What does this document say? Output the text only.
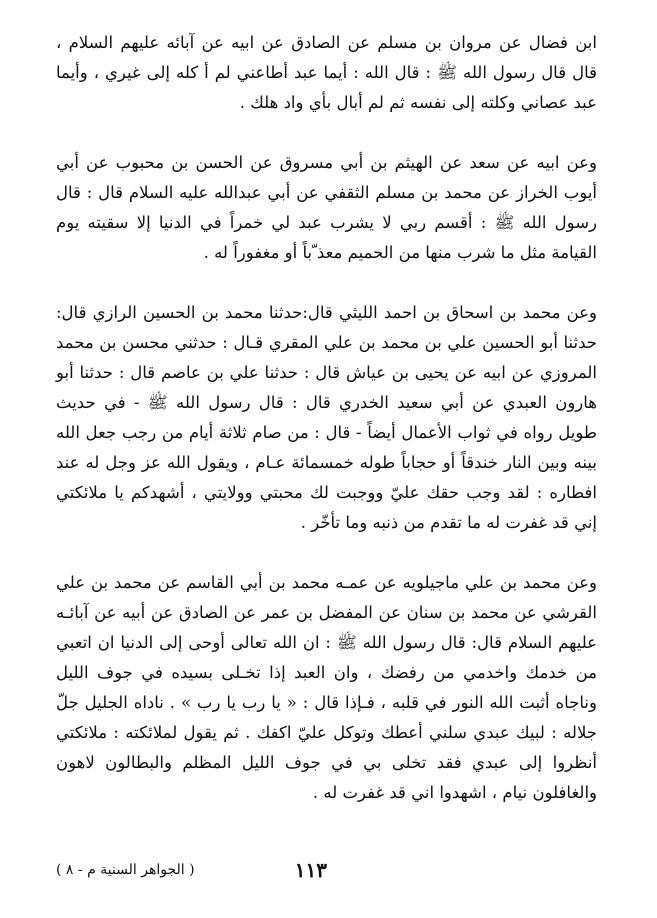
ابن فضال عن مروان بن مسلم عن الصادق عن ابيه عن آبائه عليهم السلام ، قال قال رسول الله ﷺ : قال الله : أيما عبد أطاعني لم أ كله إلى غيري ، وأيما عبد عصاني وكلته إلى نفسه ثم لم أبال بأي واد هلك .

وعن ابيه عن سعد عن الهيثم بن أبي مسروق عن الحسن بن محبوب عن أبي أيوب الخراز عن محمد بن مسلم الثقفي عن أبي عبدالله عليه السلام قال : قال رسول الله ﷺ : أقسم ربي لا يشرب عبد لي خمراً في الدنيا إلا سقيته يوم القيامة مثل ما شرب منها من الحميم معذ ّباً أو مغفوراً له .

وعن محمد بن اسحاق بن احمد الليثي قال:حدثنا محمد بن الحسين الرازي قال: حدثنا أبو الحسين علي بن محمد بن علي المقري قـال : حدثني محسن بن محمد المروزي عن ابيه عن يحيى بن عياش قال : حدثنا علي بن عاصم قال : حدثنا أبو هارون العبدي عن أبي سعيد الخدري قال : قال رسول الله ﷺ - في حديث طويل رواه في ثواب الأعمال أيضاً - قال : من صام ثلاثة أيام من رجب جعل الله بينه وبين النار خندقاً أو حجاباً طوله خمسمائة عـام ، ويقول الله عز وجل له عند افطاره : لقد وجب حقك عليّ ووجبت لك محبتي وولايتي ، أشهدكم يا ملائكتي إني قد غفرت له ما تقدم من ذنبه وما تأخّر .

وعن محمد بن علي ماجيلويه عن عمـه محمد بن أبي القاسم عن محمد بن علي القرشي عن محمد بن سنان عن المفضل بن عمر عن الصادق عن أبيه عن آبائـه عليهم السلام قال: قال رسول الله ﷺ : ان الله تعالى أوحى إلى الدنيا ان اتعبي من خدمك واخدمي من رفضك ، وان العبد إذا تخـلى بسيده في جوف الليل وناجاه أثبت الله النور في قلبه ، فـإذا قال : « يا رب يا رب » . ناداه الجليل جلّ جلاله : لبيك عبدي سلني أعطك وتوكل عليّ اكفك . ثم يقول لملائكته : ملائكتي أنظروا إلى عبدي فقد تخلى بي في جوف الليل المظلم والبطالون لاهون والغافلون نيام ، اشهدوا اني قد غفرت له .

١١٣
( الجواهر السنية م - ٨ )
